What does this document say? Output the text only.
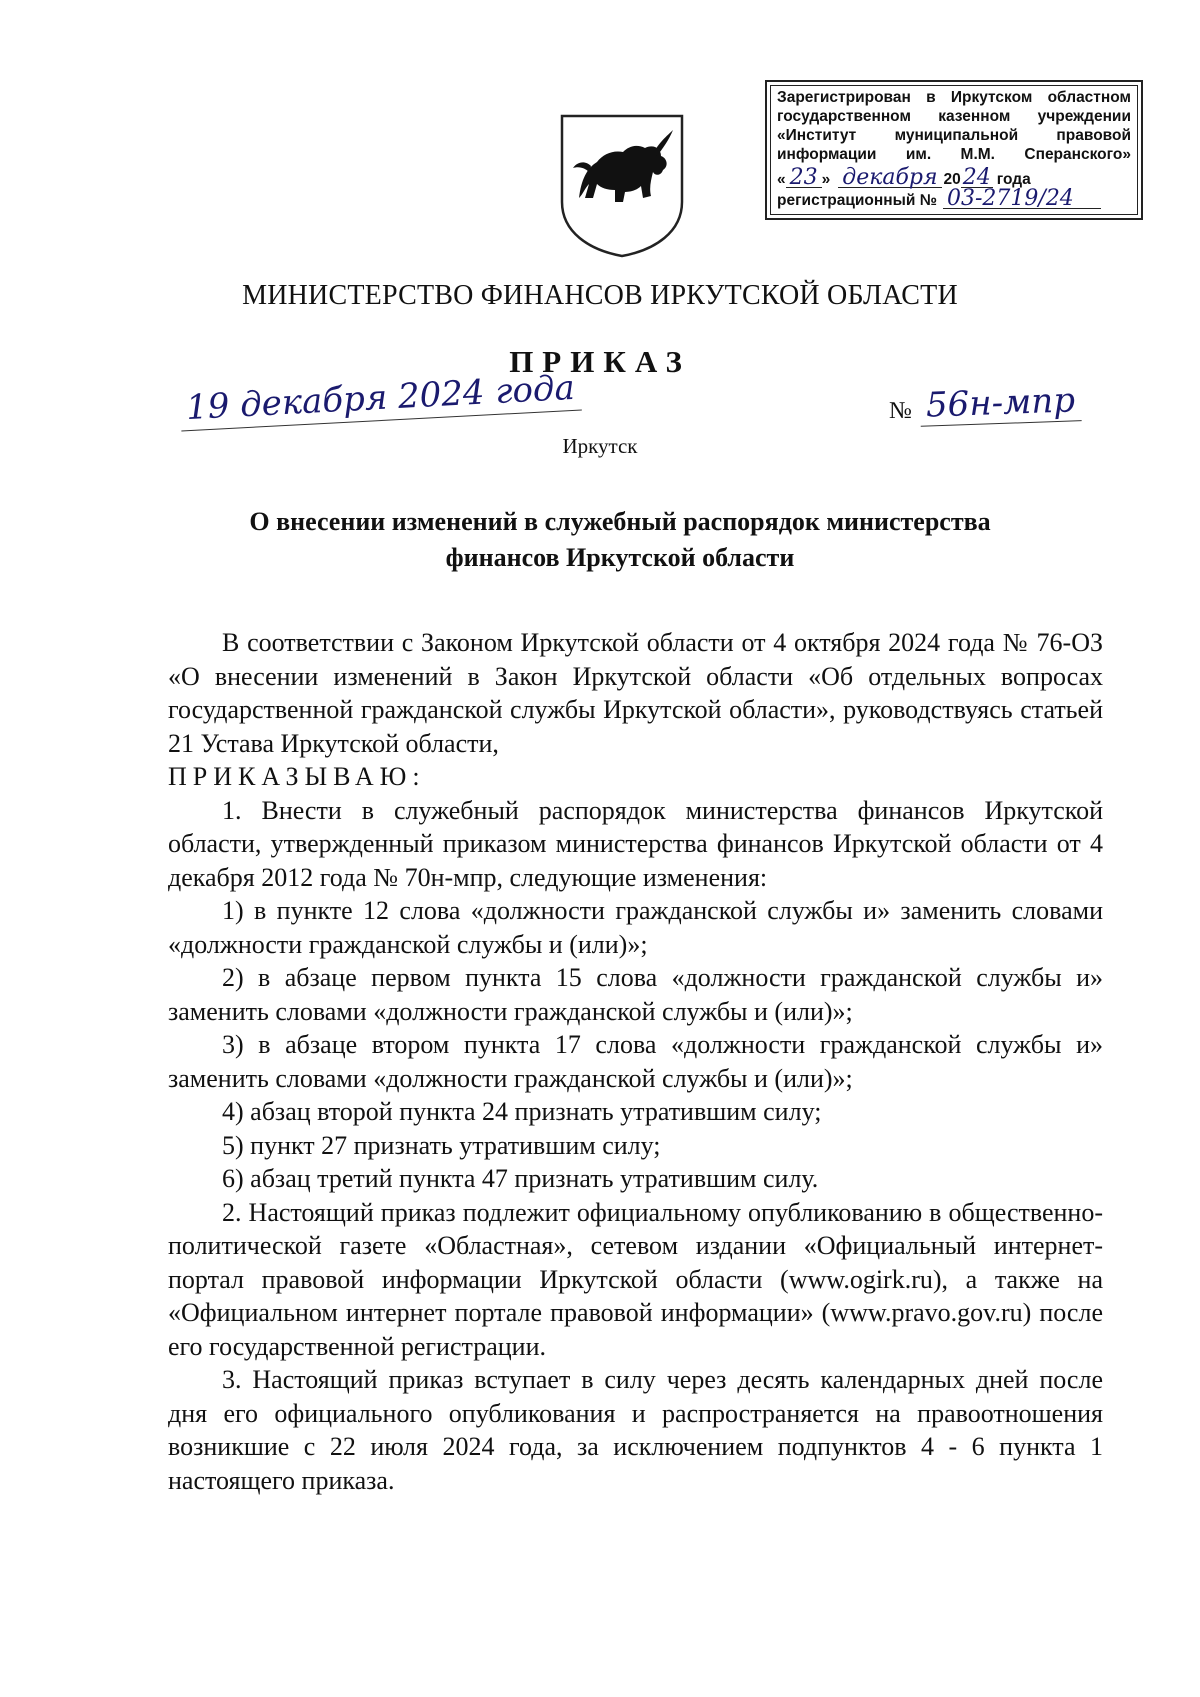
Зарегистрирован в Иркутском областном
государственном казенном учреждении
«Институт муниципальной правовой
информации им. М.М. Сперанского»
« 23 » декабря 20 24 года
регистрационный № 03-2719/24
МИНИСТЕРСТВО ФИНАНСОВ ИРКУТСКОЙ ОБЛАСТИ
ПРИКАЗ
19 декабря 2024 года	№ 56н-мпр
Иркутск
О внесении изменений в служебный распорядок министерства
финансов Иркутской области

В соответствии с Законом Иркутской области от 4 октября 2024 года № 76-ОЗ «О внесении изменений в Закон Иркутской области «Об отдельных вопросах государственной гражданской службы Иркутской области», руководствуясь статьей 21 Устава Иркутской области,

ПРИКАЗЫВАЮ:

1. Внести в служебный распорядок министерства финансов Иркутской области, утвержденный приказом министерства финансов Иркутской области от 4 декабря 2012 года № 70н-мпр, следующие изменения:

1) в пункте 12 слова «должности гражданской службы и» заменить словами «должности гражданской службы и (или)»;

2) в абзаце первом пункта 15 слова «должности гражданской службы и» заменить словами «должности гражданской службы и (или)»;

3) в абзаце втором пункта 17 слова «должности гражданской службы и» заменить словами «должности гражданской службы и (или)»;

4) абзац второй пункта 24 признать утратившим силу;

5) пункт 27 признать утратившим силу;

6) абзац третий пункта 47 признать утратившим силу.

2. Настоящий приказ подлежит официальному опубликованию в общественно-политической газете «Областная», сетевом издании «Официальный интернет-портал правовой информации Иркутской области (www.ogirk.ru), а также на «Официальном интернет портале правовой информации» (www.pravo.gov.ru) после его государственной регистрации.

3. Настоящий приказ вступает в силу через десять календарных дней после дня его официального опубликования и распространяется на правоотношения возникшие с 22 июля 2024 года, за исключением подпунктов 4 - 6 пункта 1 настоящего приказа.
